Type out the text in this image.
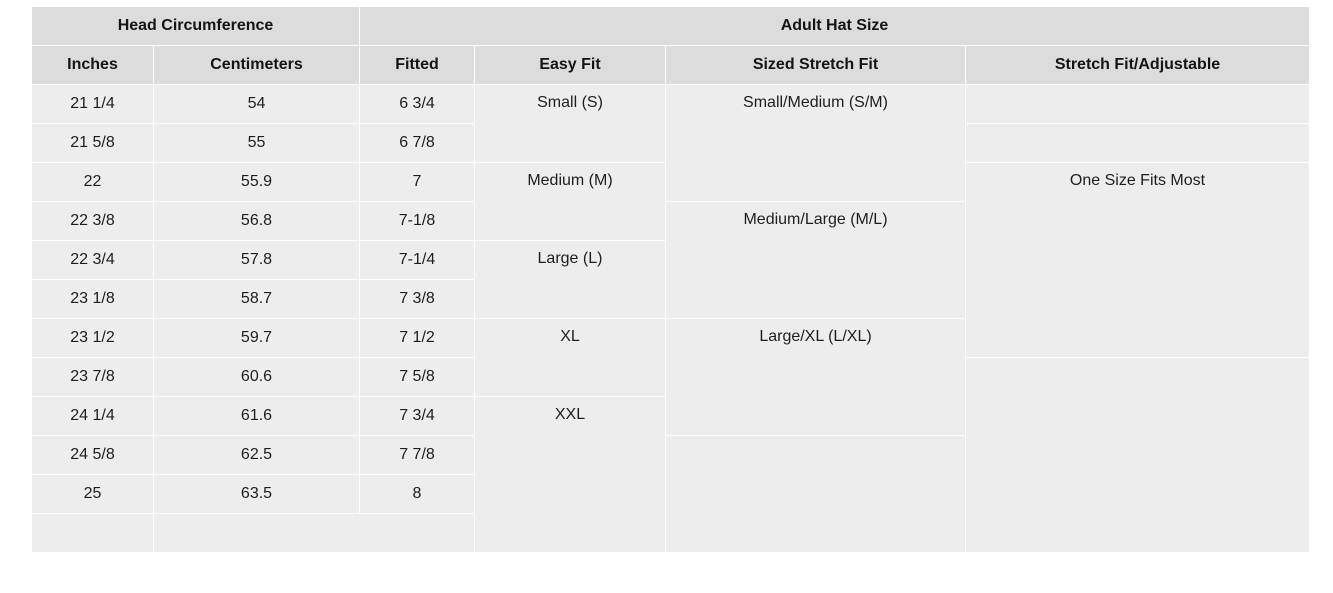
Head Circumference		Adult Hat Size			
Inches	Centimeters	Fitted	Easy Fit	Sized Stretch Fit	Stretch Fit/Adjustable
21 1/4	54	6 3/4	Small (S)	Small/Medium (S/M)	
21 5/8	55	6 7/8			
22	55.9	7	Medium (M)		One Size Fits Most
22 3/8	56.8	7-1/8		Medium/Large (M/L)	
22 3/4	57.8	7-1/4	Large (L)		
23 1/8	58.7	7 3/8			
23 1/2	59.7	7 1/2	XL	Large/XL (L/XL)	
23 7/8	60.6	7 5/8			
24 1/4	61.6	7 3/4	XXL		
24 5/8	62.5	7 7/8			
25	63.5	8			
